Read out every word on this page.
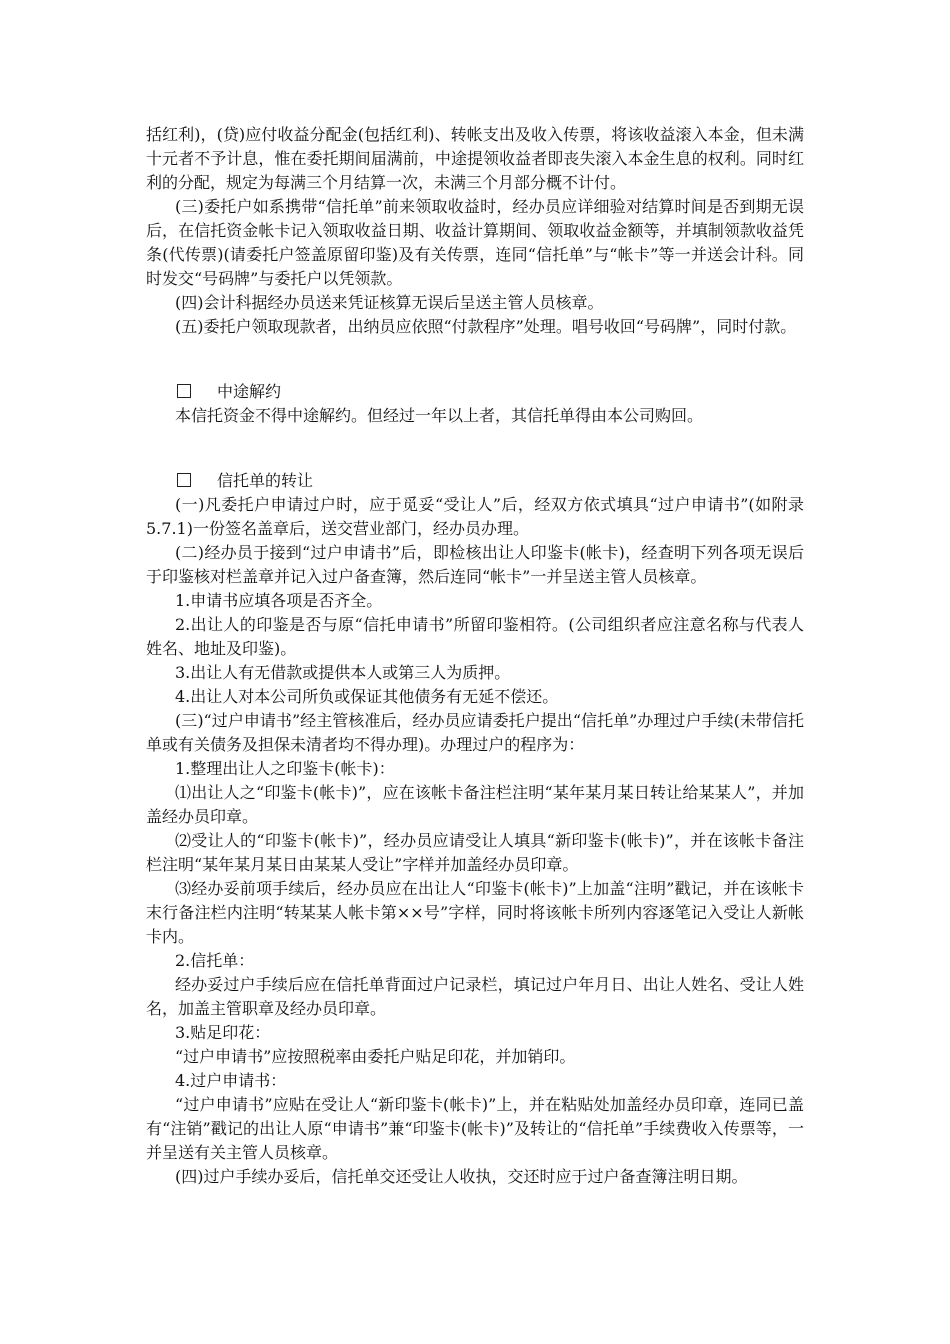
括红利)，(贷)应付收益分配金(包括红利)、转帐支出及收入传票，将该收益滚入本金，但未满十元者不予计息，惟在委托期间届满前，中途提领收益者即丧失滚入本金生息的权利。同时红利的分配，规定为每满三个月结算一次，未满三个月部分概不计付。

(三)委托户如系携带“信托单”前来领取收益时，经办员应详细验对结算时间是否到期无误后，在信托资金帐卡记入领取收益日期、收益计算期间、领取收益金额等，并填制领款收益凭条(代传票)(请委托户签盖原留印鉴)及有关传票，连同“信托单”与“帐卡”等一并送会计科。同时发交“号码牌”与委托户以凭领款。

(四)会计科据经办员送来凭证核算无误后呈送主管人员核章。

(五)委托户领取现款者，出纳员应依照“付款程序”处理。唱号收回“号码牌”，同时付款。

中途解约

本信托资金不得中途解约。但经过一年以上者，其信托单得由本公司购回。

信托单的转让

(一)凡委托户申请过户时，应于觅妥“受让人”后，经双方依式填具“过户申请书”(如附录5.7.1)一份签名盖章后，送交营业部门，经办员办理。

(二)经办员于接到“过户申请书”后，即检核出让人印鉴卡(帐卡)，经查明下列各项无误后于印鉴核对栏盖章并记入过户备查簿，然后连同“帐卡”一并呈送主管人员核章。

1.申请书应填各项是否齐全。

2.出让人的印鉴是否与原“信托申请书”所留印鉴相符。(公司组织者应注意名称与代表人姓名、地址及印鉴)。

3.出让人有无借款或提供本人或第三人为质押。

4.出让人对本公司所负或保证其他债务有无延不偿还。

(三)“过户申请书”经主管核准后，经办员应请委托户提出“信托单”办理过户手续(未带信托单或有关债务及担保未清者均不得办理)。办理过户的程序为：

1.整理出让人之印鉴卡(帐卡)：

⑴出让人之“印鉴卡(帐卡)”，应在该帐卡备注栏注明“某年某月某日转让给某某人”，并加盖经办员印章。

⑵受让人的“印鉴卡(帐卡)”，经办员应请受让人填具“新印鉴卡(帐卡)”，并在该帐卡备注栏注明“某年某月某日由某某人受让”字样并加盖经办员印章。

⑶经办妥前项手续后，经办员应在出让人“印鉴卡(帐卡)”上加盖“注明”戳记，并在该帐卡末行备注栏内注明“转某某人帐卡第××号”字样，同时将该帐卡所列内容逐笔记入受让人新帐卡内。

2.信托单：

经办妥过户手续后应在信托单背面过户记录栏，填记过户年月日、出让人姓名、受让人姓名，加盖主管职章及经办员印章。

3.贴足印花：

“过户申请书”应按照税率由委托户贴足印花，并加销印。

4.过户申请书：

“过户申请书”应贴在受让人“新印鉴卡(帐卡)”上，并在粘贴处加盖经办员印章，连同已盖有“注销”戳记的出让人原“申请书”兼“印鉴卡(帐卡)”及转让的“信托单”手续费收入传票等，一并呈送有关主管人员核章。

(四)过户手续办妥后，信托单交还受让人收执，交还时应于过户备查簿注明日期。
